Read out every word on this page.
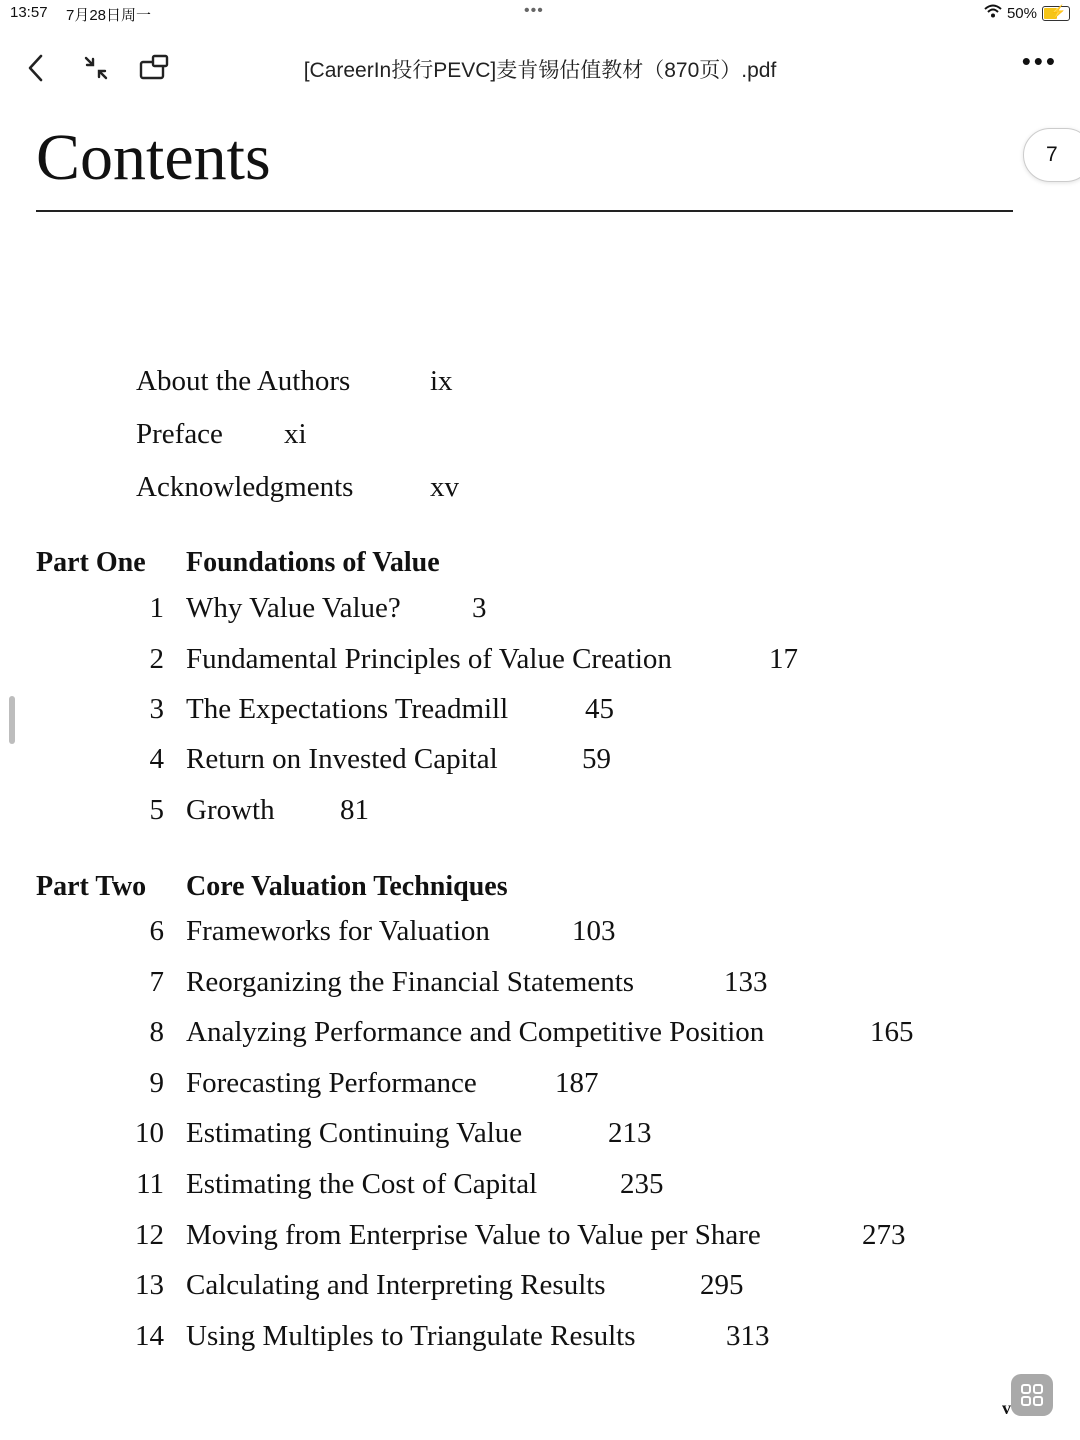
13:57 7月28日周一	•••	50% ⚡
[CareerIn投行PEVC]麦肯锡估值教材（870页）.pdf	•••
Contents	7
About the Authors	ix
Preface xi
Acknowledgments	xv
Part One Foundations of Value
1 Why Value Value? 3
2 Fundamental Principles of Value Creation	17
3 The Expectations Treadmill	45
4 Return on Invested Capital	59
5 Growth 81
Part Two Core Valuation Techniques
6 Frameworks for Valuation	103
7 Reorganizing the Financial Statements	133
8 Analyzing Performance and Competitive Position	165
9 Forecasting Performance	187
10 Estimating Continuing Value	213
11 Estimating the Cost of Capital	235
12 Moving from Enterprise Value to Value per Share	273
13 Calculating and Interpreting Results	295
14 Using Multiples to Triangulate Results	313
v
